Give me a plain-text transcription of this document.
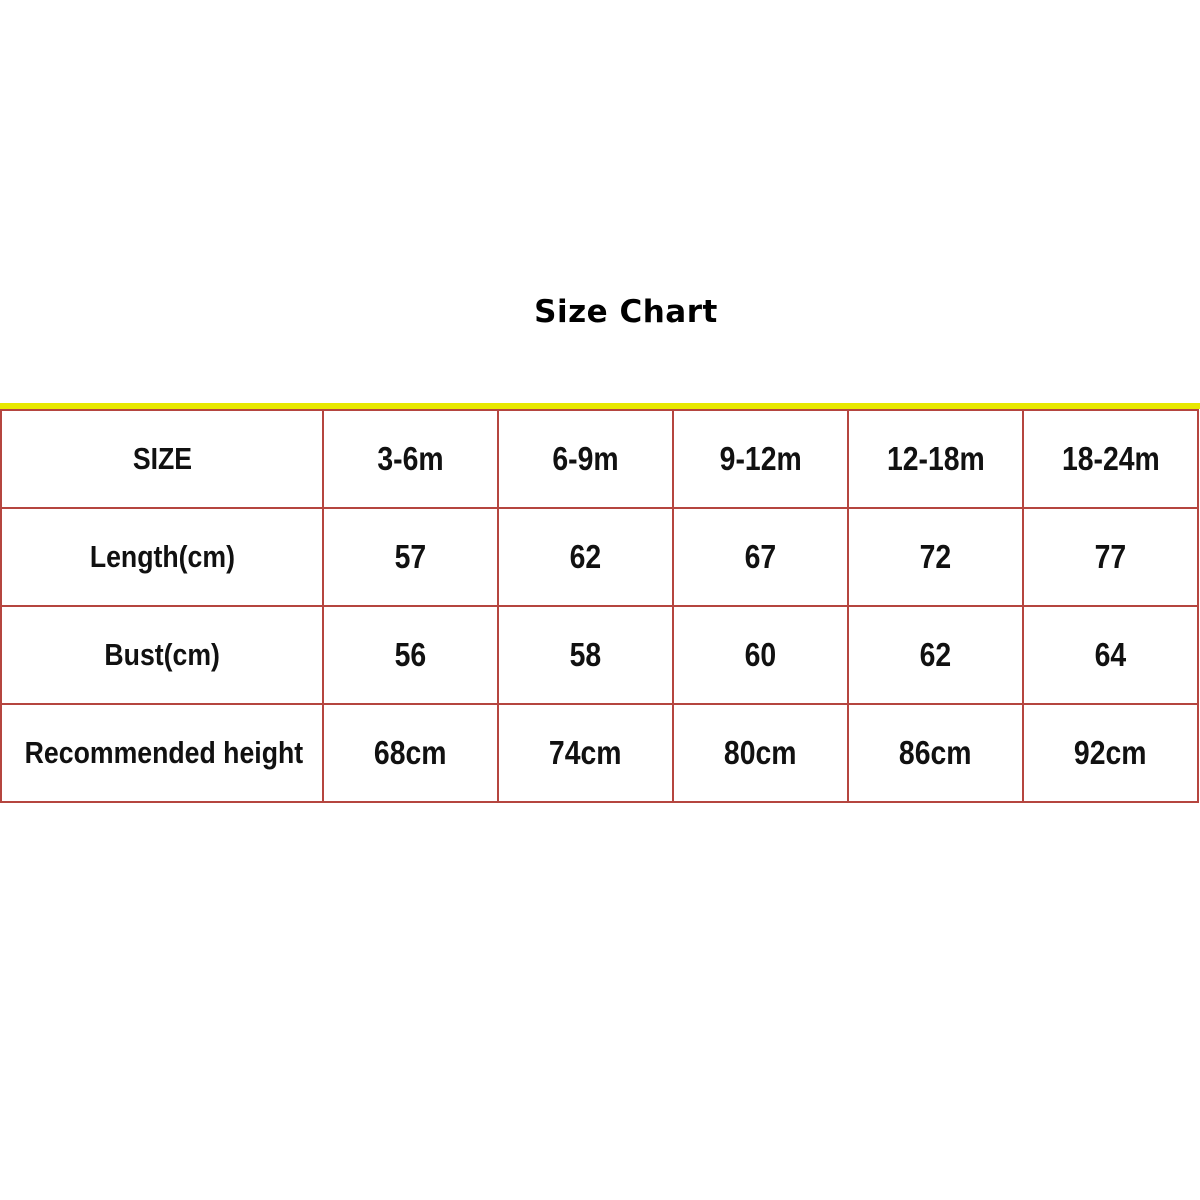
Size Chart
SIZE	3-6m	6-9m	9-12m	12-18m	18-24m
Length(cm)	57	62	67	72	77
Bust(cm)	56	58	60	62	64
Recommended height	68cm	74cm	80cm	86cm	92cm
